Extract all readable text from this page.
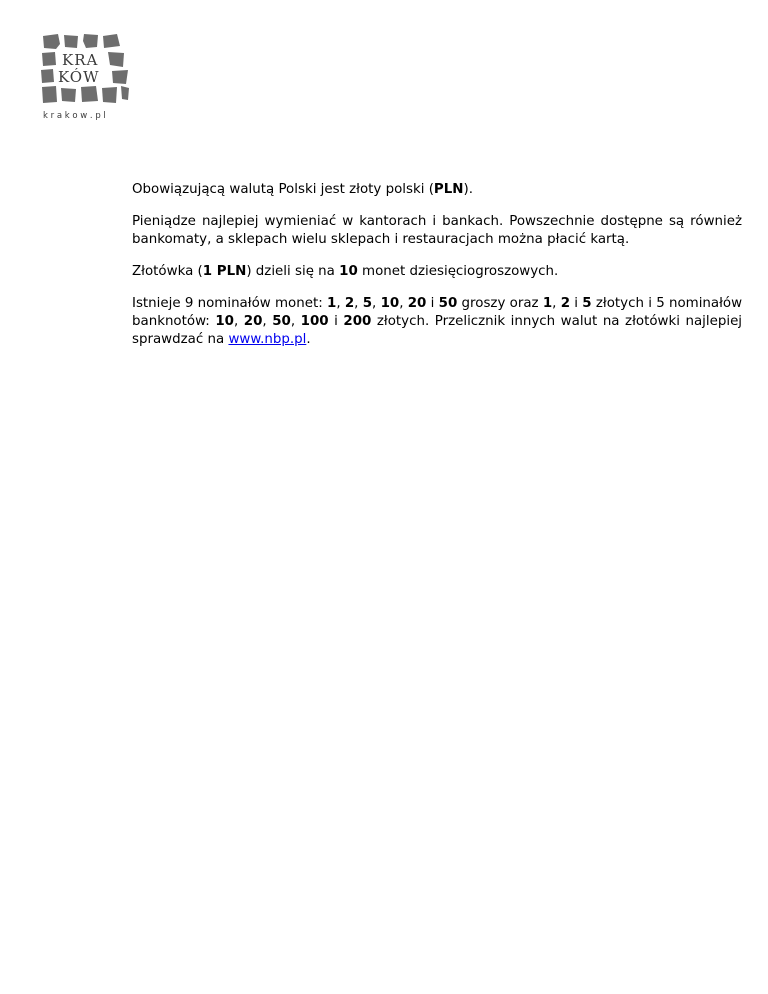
KRA
KÓW
k r a k o w . p l

Obowiązującą walutą Polski jest złoty polski (PLN).

Pieniądze najlepiej wymieniać w kantorach i bankach. Powszechnie dostępne są również bankomaty, a sklepach wielu sklepach i restauracjach można płacić kartą.

Złotówka (1 PLN) dzieli się na 10 monet dziesięciogroszowych.

Istnieje 9 nominałów monet: 1, 2, 5, 10, 20 i 50 groszy oraz 1, 2 i 5 złotych i 5 nominałów banknotów: 10, 20, 50, 100 i 200 złotych. Przelicznik innych walut na złotówki najlepiej sprawdzać na www.nbp.pl.
